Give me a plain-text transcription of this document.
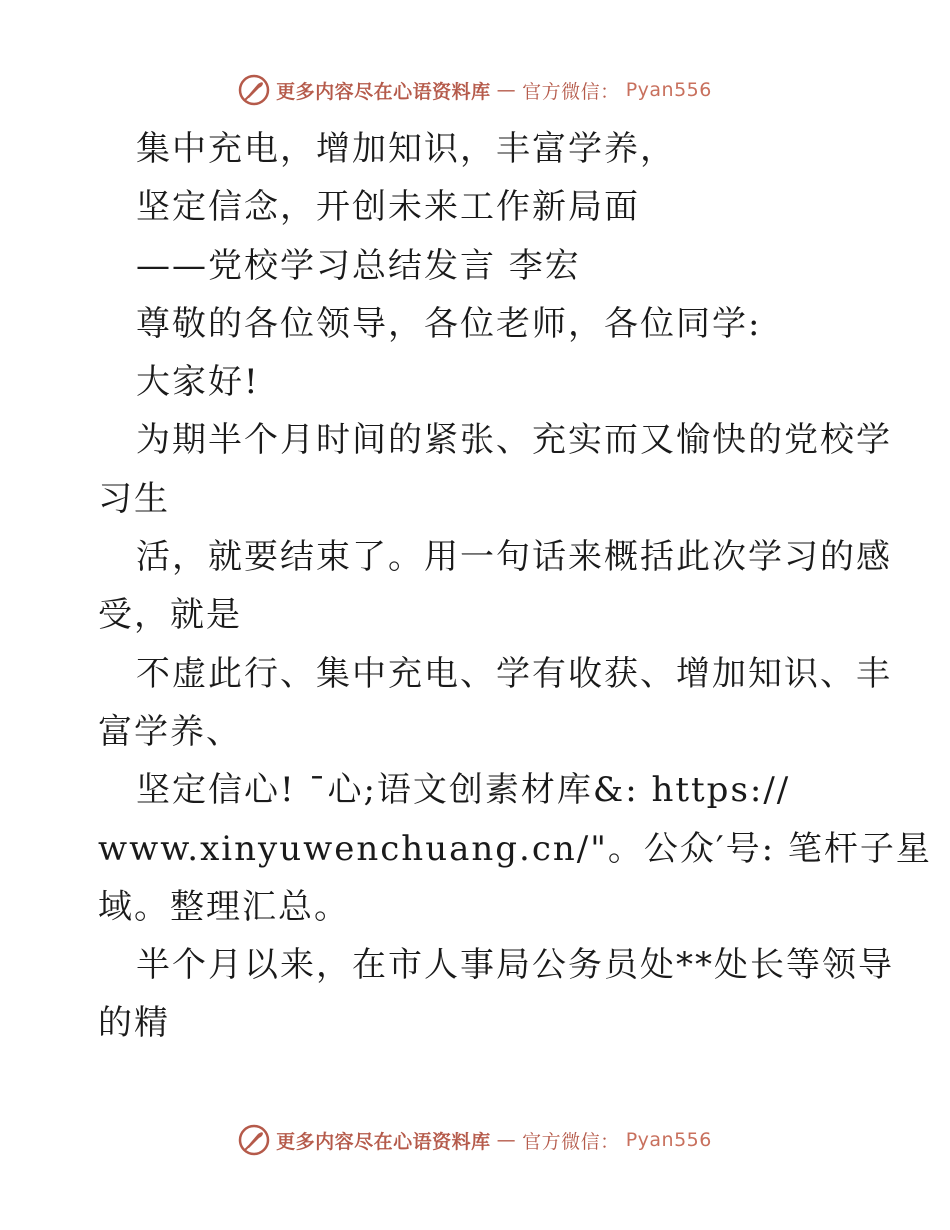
更多内容尽在心语资料库 — 官方微信： Pyan556
集中充电，增加知识，丰富学养，
坚定信念，开创未来工作新局面
——党校学习总结发言 李宏
尊敬的各位领导，各位老师，各位同学:
大家好!
为期半个月时间的紧张、充实而又愉快的党校学
习生
活，就要结束了。用一句话来概括此次学习的感
受，就是
不虚此行、集中充电、学有收获、增加知识、丰
富学养、
坚定信心! ¯心;语文创素材库&: https://
www.xinyuwenchuang.cn/"。公众′号: 笔杆子星
域。整理汇总。
半个月以来，在市人事局公务员处**处长等领导
的精
更多内容尽在心语资料库 — 官方微信： Pyan556
